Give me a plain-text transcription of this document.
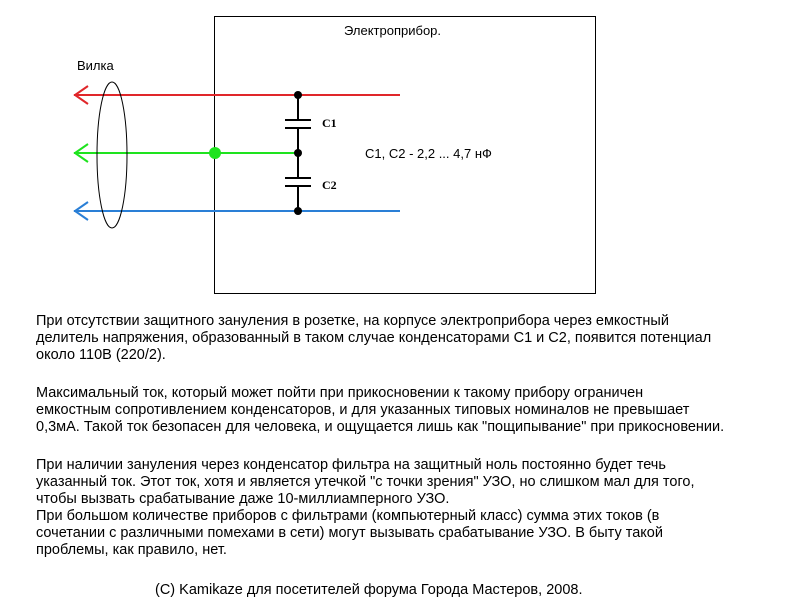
Электроприбор.
Вилка
C1
C2
C1, C2 - 2,2 ... 4,7 нФ

При отсутствии защитного зануления в розетке, на корпусе электроприбора через емкостный
делитель напряжения, образованный в таком случае конденсаторами C1 и C2, появится потенциал
около 110В (220/2).

Максимальный ток, который может пойти при прикосновении к такому прибору ограничен
емкостным сопротивлением конденсаторов, и для указанных типовых номиналов не превышает
0,3мА. Такой ток безопасен для человека, и ощущается лишь как "пощипывание" при прикосновении.

При наличии зануления через конденсатор фильтра на защитный ноль постоянно будет течь
указанный ток. Этот ток, хотя и является утечкой "с точки зрения" УЗО, но слишком мал для того,
чтобы вызвать срабатывание даже 10-миллиамперного УЗО.
При большом количестве приборов с фильтрами (компьютерный класс) сумма этих токов (в
сочетании с различными помехами в сети) могут вызывать срабатывание УЗО. В быту такой
проблемы, как правило, нет.

(C) Kamikaze для посетителей форума Города Мастеров, 2008.
